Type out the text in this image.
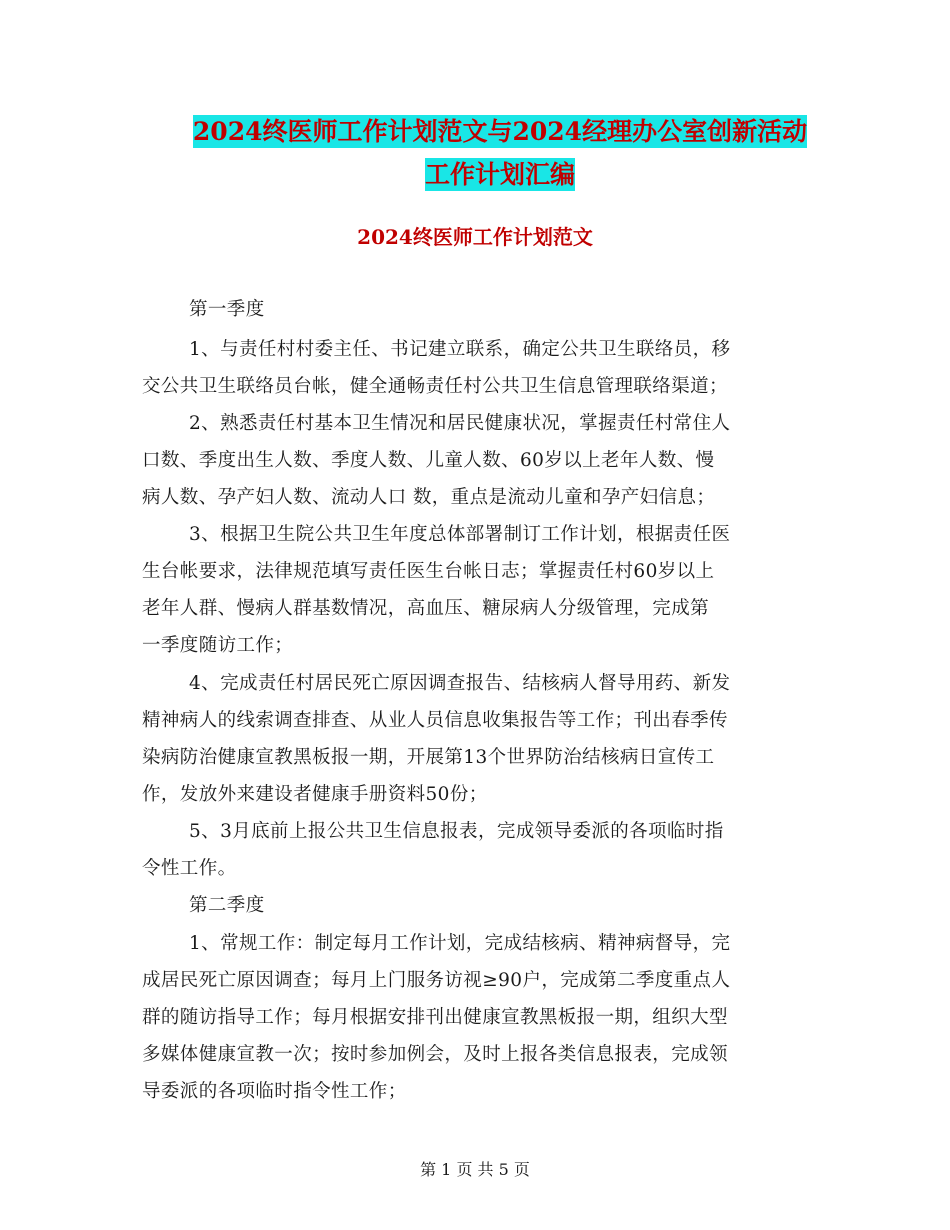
2024终医师工作计划范文与2024经理办公室创新活动
工作计划汇编
2024终医师工作计划范文
第一季度
1、与责任村村委主任、书记建立联系，确定公共卫生联络员，移
交公共卫生联络员台帐，健全通畅责任村公共卫生信息管理联络渠道；
2、熟悉责任村基本卫生情况和居民健康状况，掌握责任村常住人
口数、季度出生人数、季度人数、儿童人数、60岁以上老年人数、慢
病人数、孕产妇人数、流动人口 数，重点是流动儿童和孕产妇信息；
3、根据卫生院公共卫生年度总体部署制订工作计划，根据责任医
生台帐要求，法律规范填写责任医生台帐日志；掌握责任村60岁以上
老年人群、慢病人群基数情况，高血压、糖尿病人分级管理，完成第
一季度随访工作；
4、完成责任村居民死亡原因调查报告、结核病人督导用药、新发
精神病人的线索调查排查、从业人员信息收集报告等工作；刊出春季传
染病防治健康宣教黑板报一期，开展第13个世界防治结核病日宣传工
作，发放外来建设者健康手册资料50份；
5、3月底前上报公共卫生信息报表，完成领导委派的各项临时指
令性工作。
第二季度
1、常规工作：制定每月工作计划，完成结核病、精神病督导，完
成居民死亡原因调查；每月上门服务访视≥90户，完成第二季度重点人
群的随访指导工作；每月根据安排刊出健康宣教黑板报一期，组织大型
多媒体健康宣教一次；按时参加例会，及时上报各类信息报表，完成领
导委派的各项临时指令性工作；
第 1 页 共 5 页
